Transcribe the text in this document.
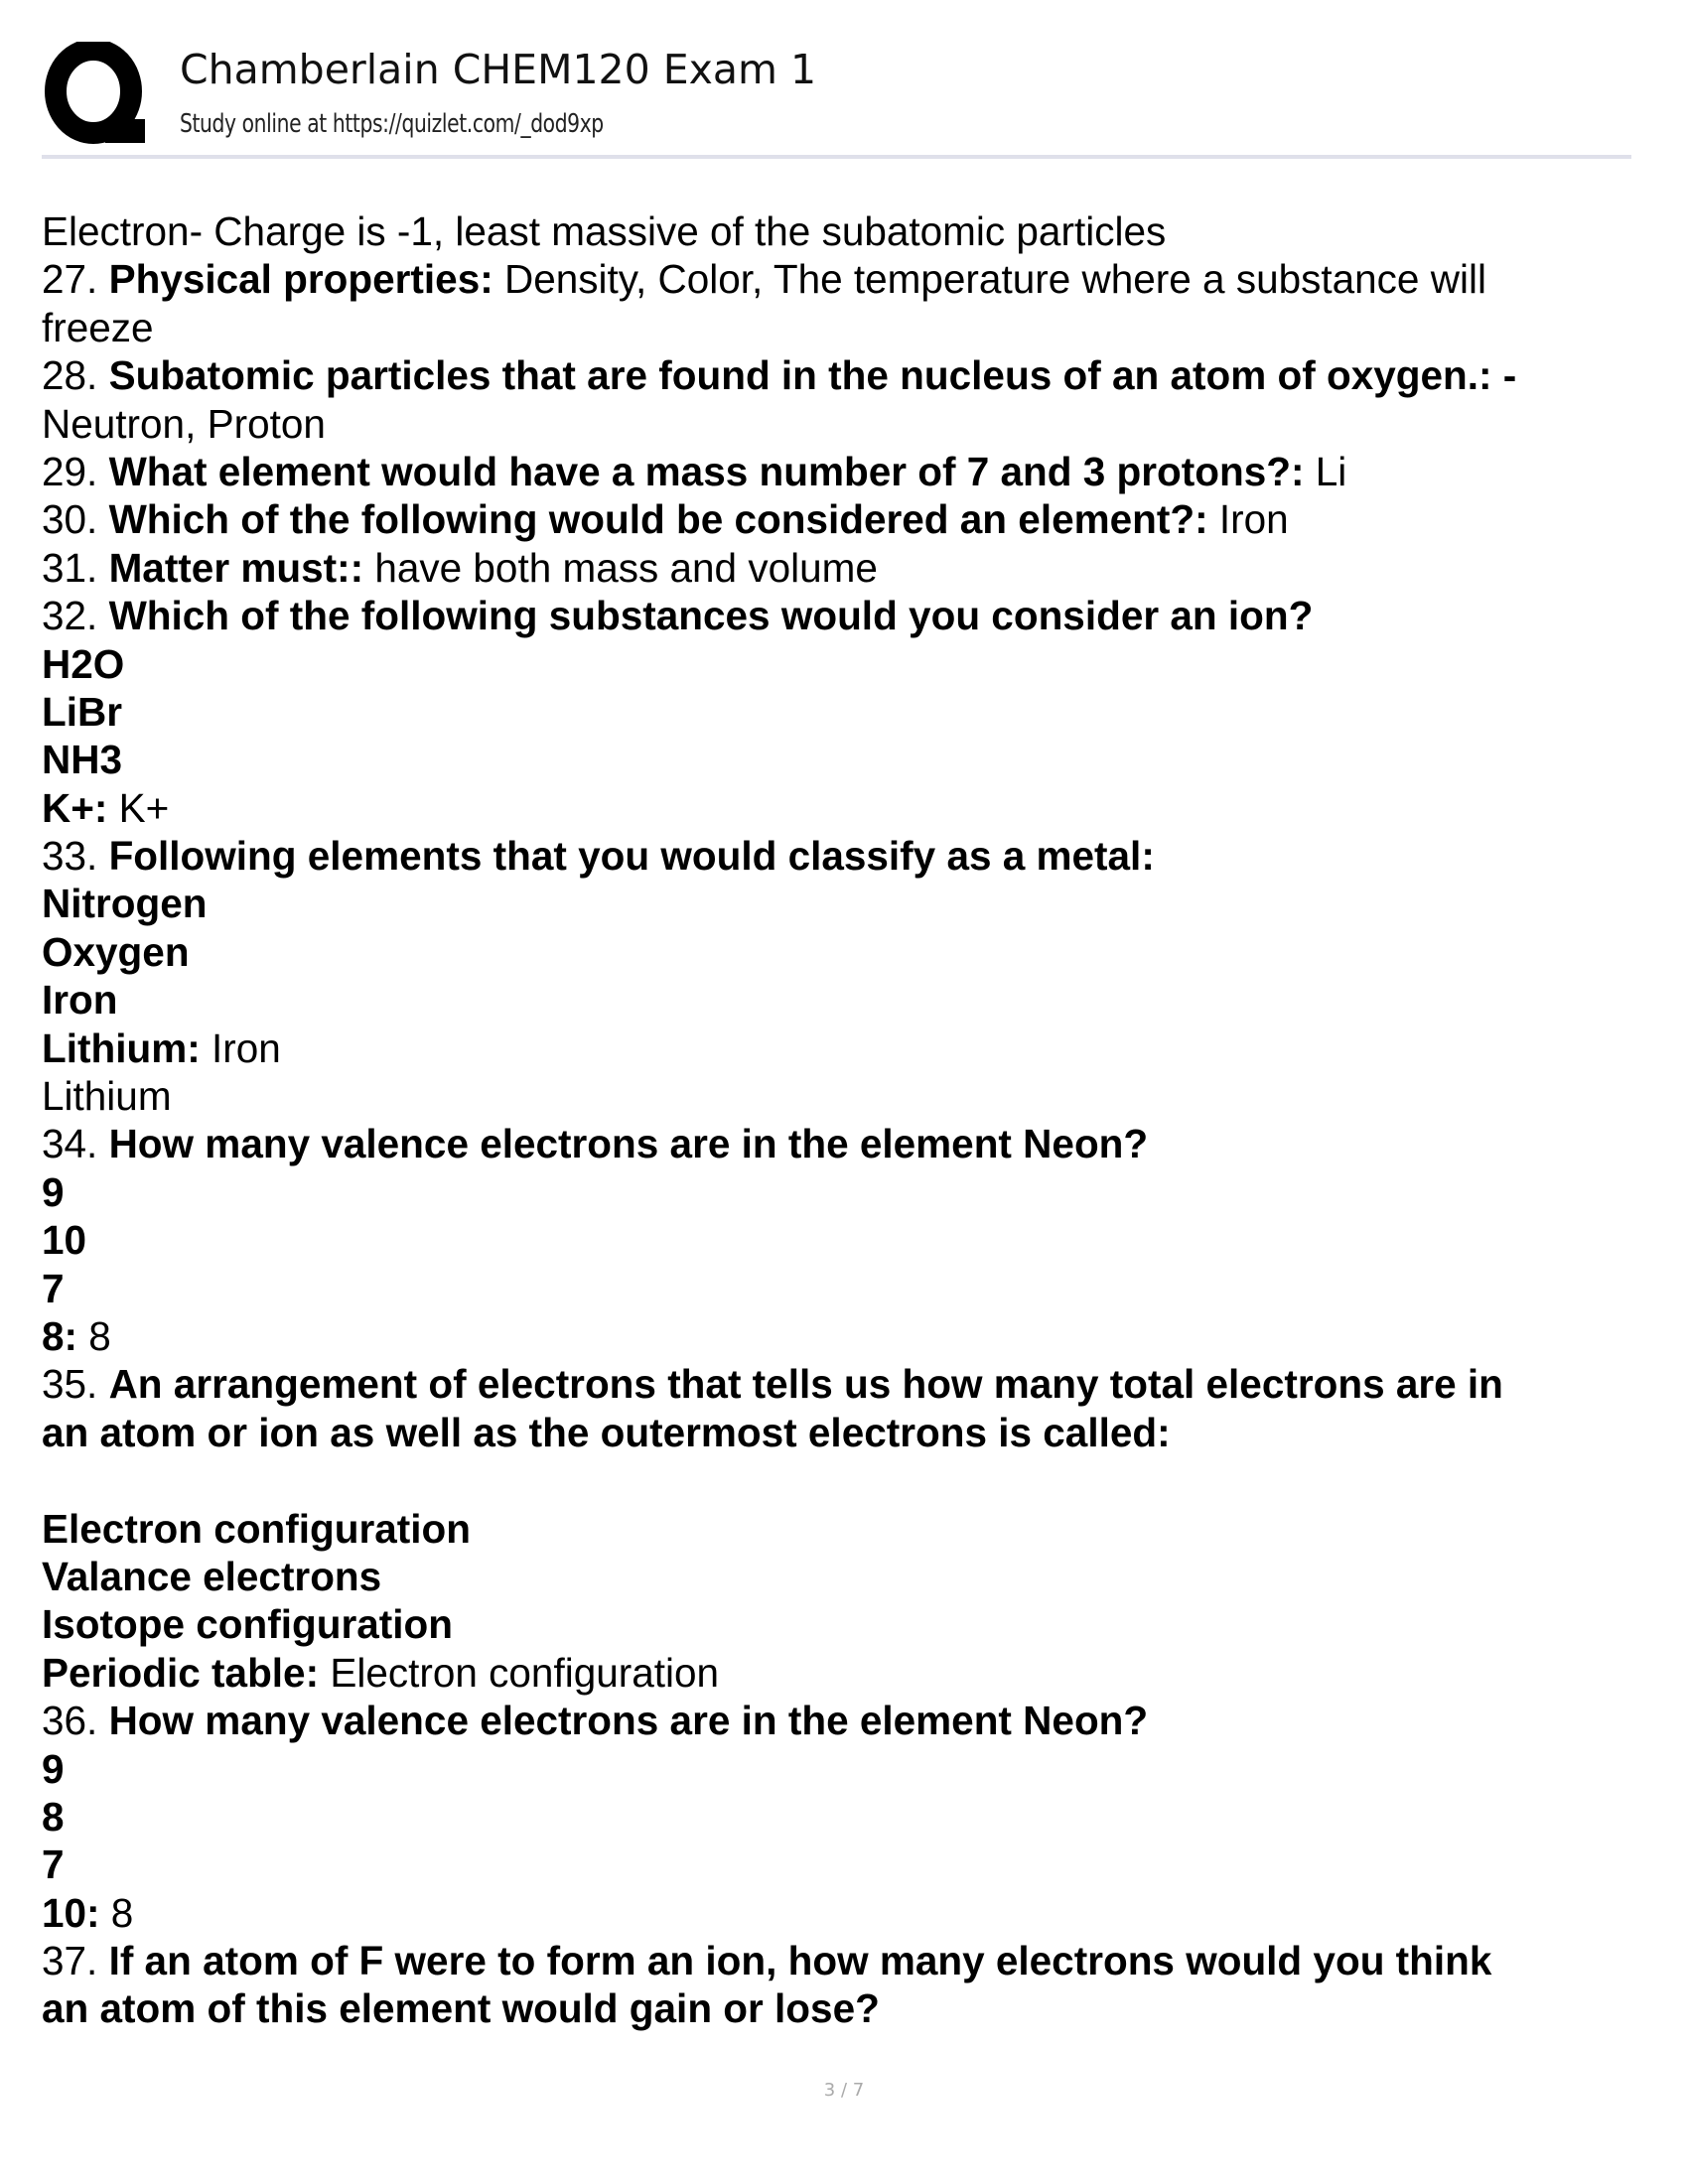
Chamberlain CHEM120 Exam 1
Study online at https://quizlet.com/_dod9xp
Electron- Charge is -1, least massive of the subatomic particles
27. Physical properties: Density, Color, The temperature where a substance will
freeze
28. Subatomic particles that are found in the nucleus of an atom of oxygen.: -
Neutron, Proton
29. What element would have a mass number of 7 and 3 protons?: Li
30. Which of the following would be considered an element?: Iron
31. Matter must:: have both mass and volume
32. Which of the following substances would you consider an ion?
H2O
LiBr
NH3
K+: K+
33. Following elements that you would classify as a metal:
Nitrogen
Oxygen
Iron
Lithium: Iron
Lithium
34. How many valence electrons are in the element Neon?
9
10
7
8: 8
35. An arrangement of electrons that tells us how many total electrons are in
an atom or ion as well as the outermost electrons is called:
Electron configuration
Valance electrons
Isotope configuration
Periodic table: Electron configuration
36. How many valence electrons are in the element Neon?
9
8
7
10: 8
37. If an atom of F were to form an ion, how many electrons would you think
an atom of this element would gain or lose?
3 / 7
